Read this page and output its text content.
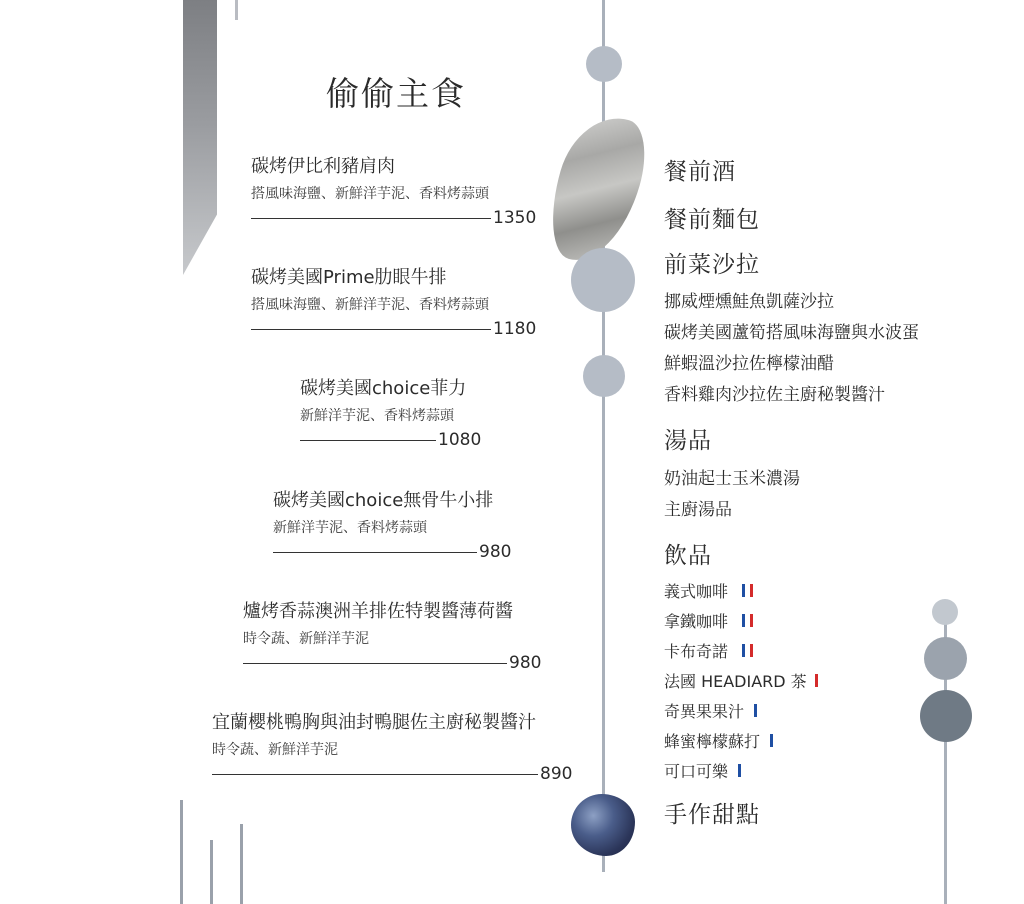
偷偷主食
碳烤伊比利豬肩肉
搭風味海鹽、新鮮洋芋泥、香料烤蒜頭
1350
碳烤美國Prime肋眼牛排
搭風味海鹽、新鮮洋芋泥、香料烤蒜頭
1180
碳烤美國choice菲力
新鮮洋芋泥、香料烤蒜頭
1080
碳烤美國choice無骨牛小排
新鮮洋芋泥、香料烤蒜頭
980
爐烤香蒜澳洲羊排佐特製醬薄荷醬
時令蔬、新鮮洋芋泥
980
宜蘭櫻桃鴨胸與油封鴨腿佐主廚秘製醬汁
時令蔬、新鮮洋芋泥
890
餐前酒
餐前麵包
前菜沙拉
挪威煙燻鮭魚凱薩沙拉
碳烤美國蘆筍搭風味海鹽與水波蛋
鮮蝦溫沙拉佐檸檬油醋
香料雞肉沙拉佐主廚秘製醬汁
湯品
奶油起士玉米濃湯
主廚湯品
飲品
義式咖啡
拿鐵咖啡
卡布奇諾
法國 HEADIARD 茶
奇異果果汁
蜂蜜檸檬蘇打
可口可樂
手作甜點
